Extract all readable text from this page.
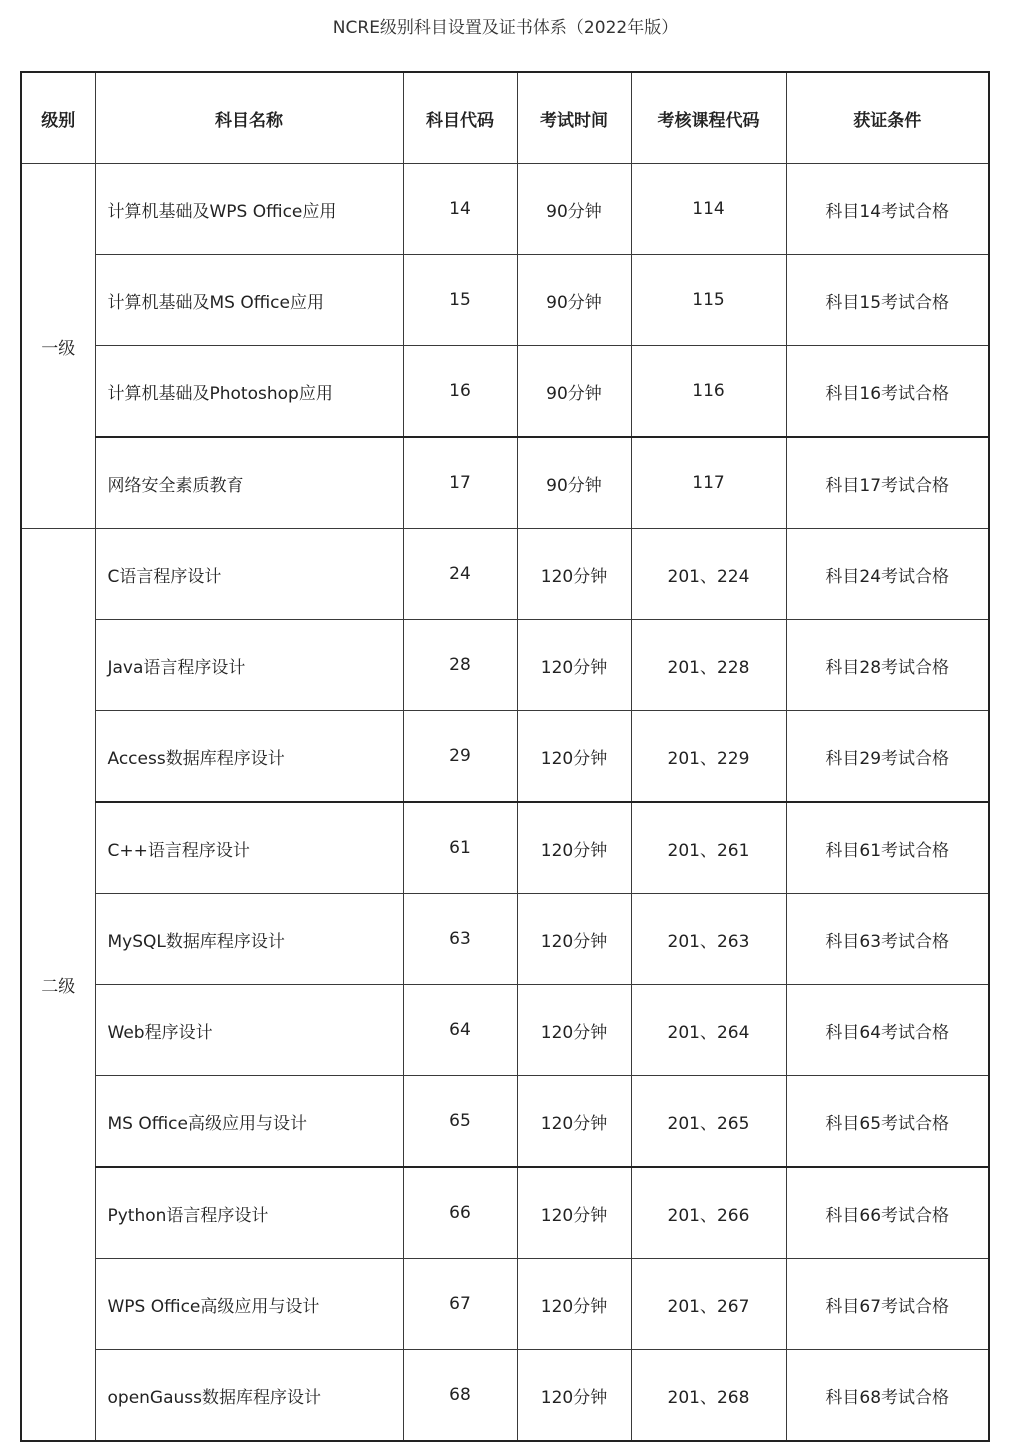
NCRE级别科目设置及证书体系（2022年版）
级别	科目名称	科目代码	考试时间	考核课程代码	获证条件
一级	计算机基础及WPS Office应用	14	90分钟	114	科目14考试合格
	计算机基础及MS Office应用	15	90分钟	115	科目15考试合格
	计算机基础及Photoshop应用	16	90分钟	116	科目16考试合格
	网络安全素质教育	17	90分钟	117	科目17考试合格
二级	C语言程序设计	24	120分钟	201、224	科目24考试合格
	Java语言程序设计	28	120分钟	201、228	科目28考试合格
	Access数据库程序设计	29	120分钟	201、229	科目29考试合格
	C++语言程序设计	61	120分钟	201、261	科目61考试合格
	MySQL数据库程序设计	63	120分钟	201、263	科目63考试合格
	Web程序设计	64	120分钟	201、264	科目64考试合格
	MS Office高级应用与设计	65	120分钟	201、265	科目65考试合格
	Python语言程序设计	66	120分钟	201、266	科目66考试合格
	WPS Office高级应用与设计	67	120分钟	201、267	科目67考试合格
	openGauss数据库程序设计	68	120分钟	201、268	科目68考试合格
